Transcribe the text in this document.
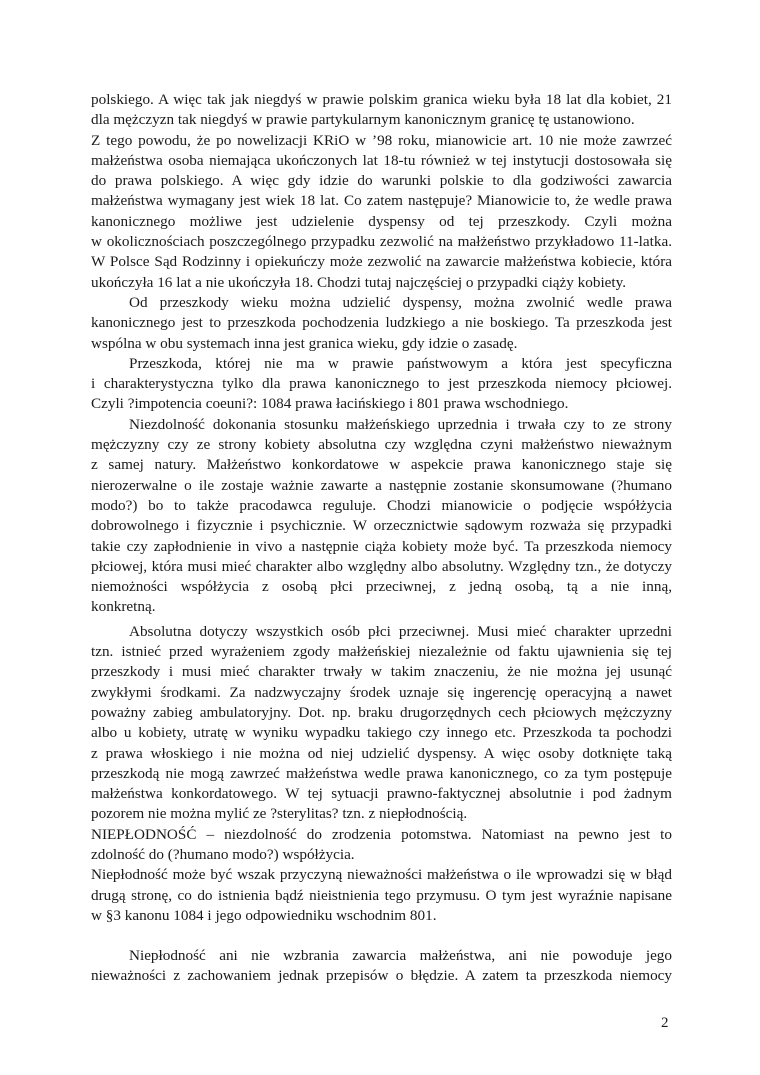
polskiego. A więc tak jak niegdyś w prawie polskim granica wieku była 18 lat dla kobiet, 21
dla mężczyzn tak niegdyś w prawie partykularnym kanonicznym granicę tę ustanowiono.
Z tego powodu, że po nowelizacji KRiO w ’98 roku, mianowicie art. 10 nie może zawrzeć
małżeństwa osoba niemająca ukończonych lat 18-tu również w tej instytucji dostosowała się
do prawa polskiego. A więc gdy idzie do warunki polskie to dla godziwości zawarcia
małżeństwa wymagany jest wiek 18 lat. Co zatem następuje? Mianowicie to, że wedle prawa
kanonicznego możliwe jest udzielenie dyspensy od tej przeszkody. Czyli można
w okolicznościach poszczególnego przypadku zezwolić na małżeństwo przykładowo 11-latka.
W Polsce Sąd Rodzinny i opiekuńczy może zezwolić na zawarcie małżeństwa kobiecie, która
ukończyła 16 lat a nie ukończyła 18. Chodzi tutaj najczęściej o przypadki ciąży kobiety.
Od przeszkody wieku można udzielić dyspensy, można zwolnić wedle prawa
kanonicznego jest to przeszkoda pochodzenia ludzkiego a nie boskiego. Ta przeszkoda jest
wspólna w obu systemach inna jest granica wieku, gdy idzie o zasadę.
Przeszkoda, której nie ma w prawie państwowym a która jest specyficzna
i charakterystyczna tylko dla prawa kanonicznego to jest przeszkoda niemocy płciowej.
Czyli ?impotencia coeuni?: 1084 prawa łacińskiego i 801 prawa wschodniego.
Niezdolność dokonania stosunku małżeńskiego uprzednia i trwała czy to ze strony
mężczyzny czy ze strony kobiety absolutna czy względna czyni małżeństwo nieważnym
z samej natury. Małżeństwo konkordatowe w aspekcie prawa kanonicznego staje się
nierozerwalne o ile zostaje ważnie zawarte a następnie zostanie skonsumowane (?humano
modo?) bo to także pracodawca reguluje. Chodzi mianowicie o podjęcie współżycia
dobrowolnego i fizycznie i psychicznie. W orzecznictwie sądowym rozważa się przypadki
takie czy zapłodnienie in vivo a następnie ciąża kobiety może być. Ta przeszkoda niemocy
płciowej, która musi mieć charakter albo względny albo absolutny. Względny tzn., że dotyczy
niemożności współżycia z osobą płci przeciwnej, z jedną osobą, tą a nie inną,
konkretną.
Absolutna dotyczy wszystkich osób płci przeciwnej. Musi mieć charakter uprzedni
tzn. istnieć przed wyrażeniem zgody małżeńskiej niezależnie od faktu ujawnienia się tej
przeszkody i musi mieć charakter trwały w takim znaczeniu, że nie można jej usunąć
zwykłymi środkami. Za nadzwyczajny środek uznaje się ingerencję operacyjną a nawet
poważny zabieg ambulatoryjny. Dot. np. braku drugorzędnych cech płciowych mężczyzny
albo u kobiety, utratę w wyniku wypadku takiego czy innego etc. Przeszkoda ta pochodzi
z prawa włoskiego i nie można od niej udzielić dyspensy. A więc osoby dotknięte taką
przeszkodą nie mogą zawrzeć małżeństwa wedle prawa kanonicznego, co za tym postępuje
małżeństwa konkordatowego. W tej sytuacji prawno-faktycznej absolutnie i pod żadnym
pozorem nie można mylić ze ?sterylitas? tzn. z niepłodnością.
NIEPŁODNOŚĆ – niezdolność do zrodzenia potomstwa. Natomiast na pewno jest to
zdolność do (?humano modo?) współżycia.
Niepłodność może być wszak przyczyną nieważności małżeństwa o ile wprowadzi się w błąd
drugą stronę, co do istnienia bądź nieistnienia tego przymusu. O tym jest wyraźnie napisane
w §3 kanonu 1084 i jego odpowiedniku wschodnim 801.
Niepłodność ani nie wzbrania zawarcia małżeństwa, ani nie powoduje jego
nieważności z zachowaniem jednak przepisów o błędzie. A zatem ta przeszkoda niemocy
2
